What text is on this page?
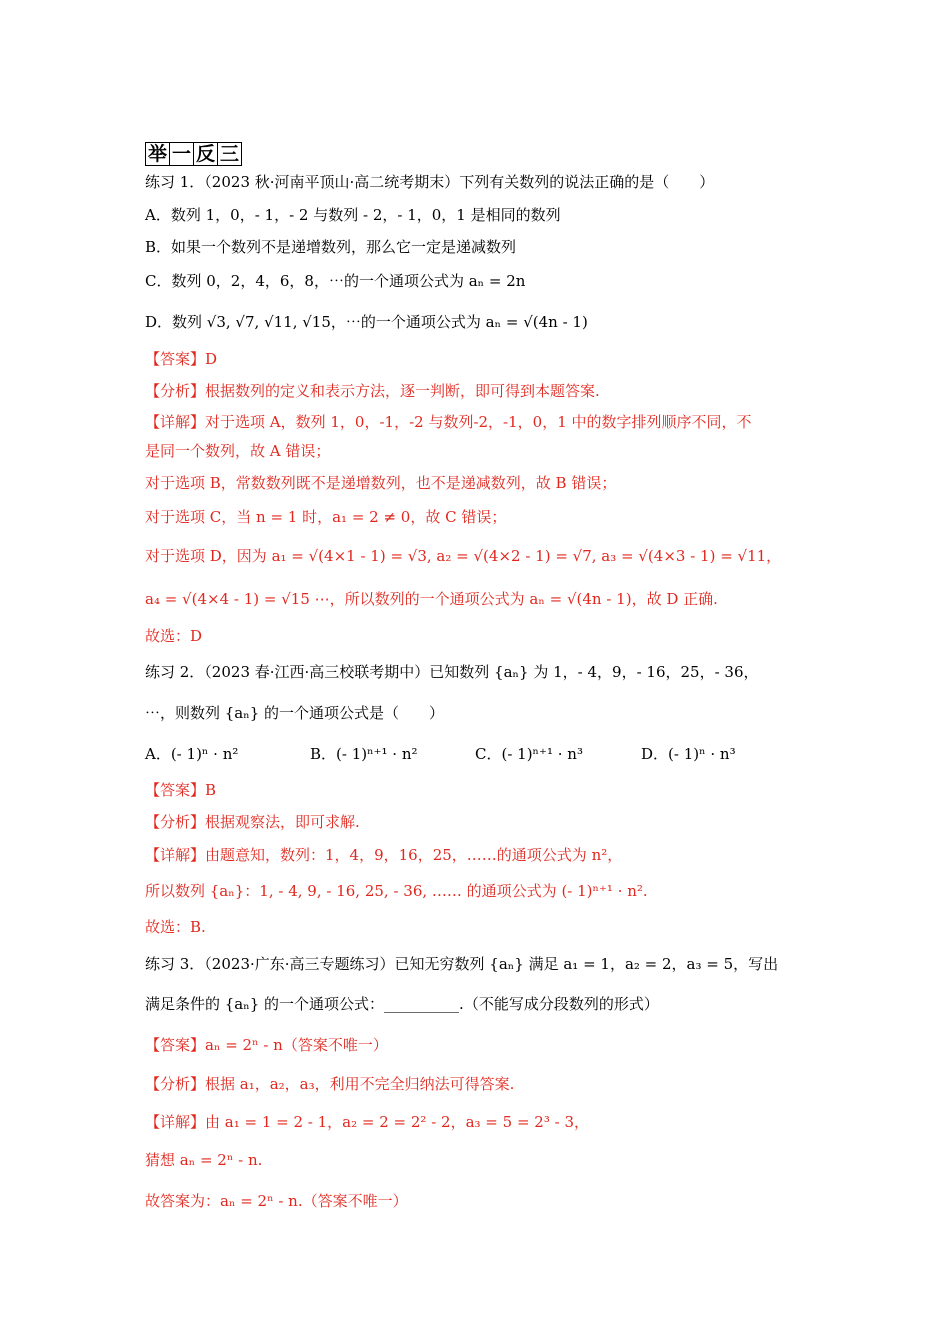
举 一 反 三
练习 1．（2023 秋·河南平顶山·高二统考期末）下列有关数列的说法正确的是（　　）
A．数列 1，0，- 1，- 2 与数列 - 2，- 1，0，1 是相同的数列
B．如果一个数列不是递增数列，那么它一定是递减数列
C．数列 0，2，4，6，8，⋯的一个通项公式为 aₙ = 2n
D．数列 √3, √7, √11, √15，⋯的一个通项公式为 aₙ = √(4n - 1)
【答案】D
【分析】根据数列的定义和表示方法，逐一判断，即可得到本题答案.
【详解】对于选项 A，数列 1，0，-1，-2 与数列-2，-1，0，1 中的数字排列顺序不同，不
是同一个数列，故 A 错误；
对于选项 B，常数数列既不是递增数列，也不是递减数列，故 B 错误；
对于选项 C，当 n = 1 时，a₁ = 2 ≠ 0，故 C 错误；
对于选项 D，因为 a₁ = √(4×1 - 1) = √3, a₂ = √(4×2 - 1) = √7, a₃ = √(4×3 - 1) = √11，
a₄ = √(4×4 - 1) = √15 ⋯，所以数列的一个通项公式为 aₙ = √(4n - 1)，故 D 正确.
故选：D
练习 2．（2023 春·江西·高三校联考期中）已知数列 {aₙ} 为 1，- 4，9，- 16，25，- 36，
⋯，则数列 {aₙ} 的一个通项公式是（　　）
A．(- 1)ⁿ · n²	B．(- 1)ⁿ⁺¹ · n²	C．(- 1)ⁿ⁺¹ · n³	D．(- 1)ⁿ · n³
【答案】B
【分析】根据观察法，即可求解.
【详解】由题意知，数列：1，4，9，16，25，……的通项公式为 n²，
所以数列 {aₙ}：1, - 4, 9, - 16, 25, - 36, …… 的通项公式为 (- 1)ⁿ⁺¹ · n².
故选：B.
练习 3．（2023·广东·高三专题练习）已知无穷数列 {aₙ} 满足 a₁ = 1，a₂ = 2，a₃ = 5，写出
满足条件的 {aₙ} 的一个通项公式：__________.（不能写成分段数列的形式）
【答案】aₙ = 2ⁿ - n（答案不唯一）
【分析】根据 a₁，a₂，a₃，利用不完全归纳法可得答案.
【详解】由 a₁ = 1 = 2 - 1，a₂ = 2 = 2² - 2，a₃ = 5 = 2³ - 3，
猜想 aₙ = 2ⁿ - n.
故答案为：aₙ = 2ⁿ - n.（答案不唯一）
